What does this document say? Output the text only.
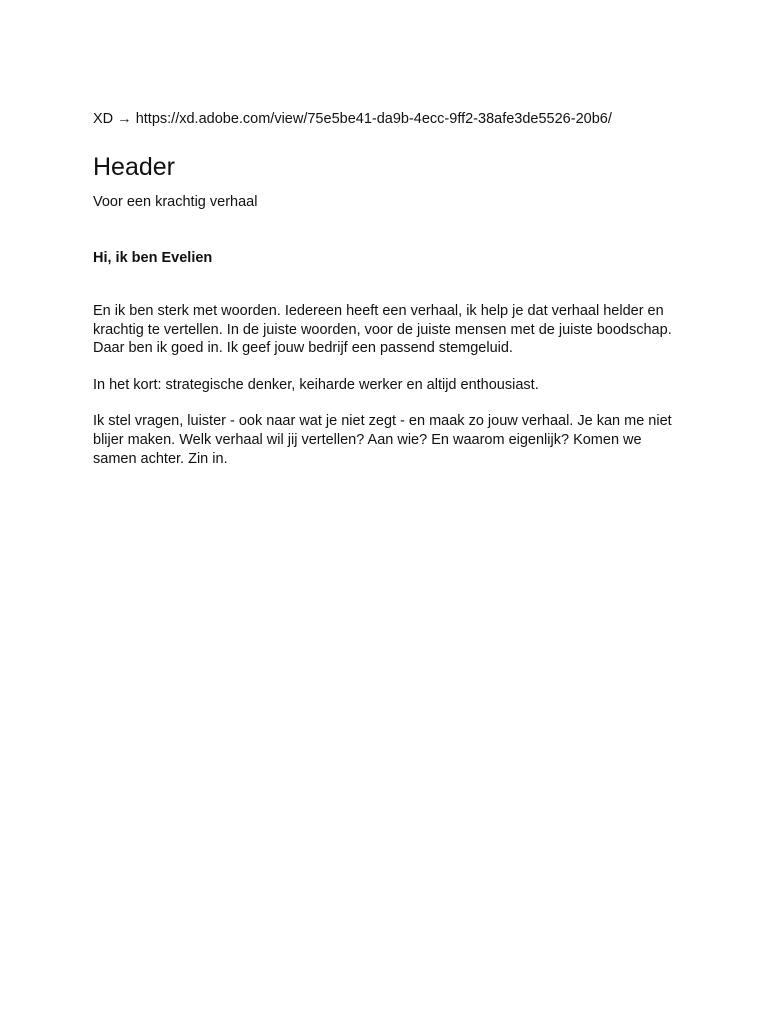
XD → https://xd.adobe.com/view/75e5be41-da9b-4ecc-9ff2-38afe3de5526-20b6/

Header

Voor een krachtig verhaal

Hi, ik ben Evelien

En ik ben sterk met woorden. Iedereen heeft een verhaal, ik help je dat verhaal helder en krachtig te vertellen. In de juiste woorden, voor de juiste mensen met de juiste boodschap. Daar ben ik goed in. Ik geef jouw bedrijf een passend stemgeluid.

In het kort: strategische denker, keiharde werker en altijd enthousiast.

Ik stel vragen, luister - ook naar wat je niet zegt - en maak zo jouw verhaal. Je kan me niet blijer maken. Welk verhaal wil jij vertellen? Aan wie? En waarom eigenlijk? Komen we samen achter. Zin in.
